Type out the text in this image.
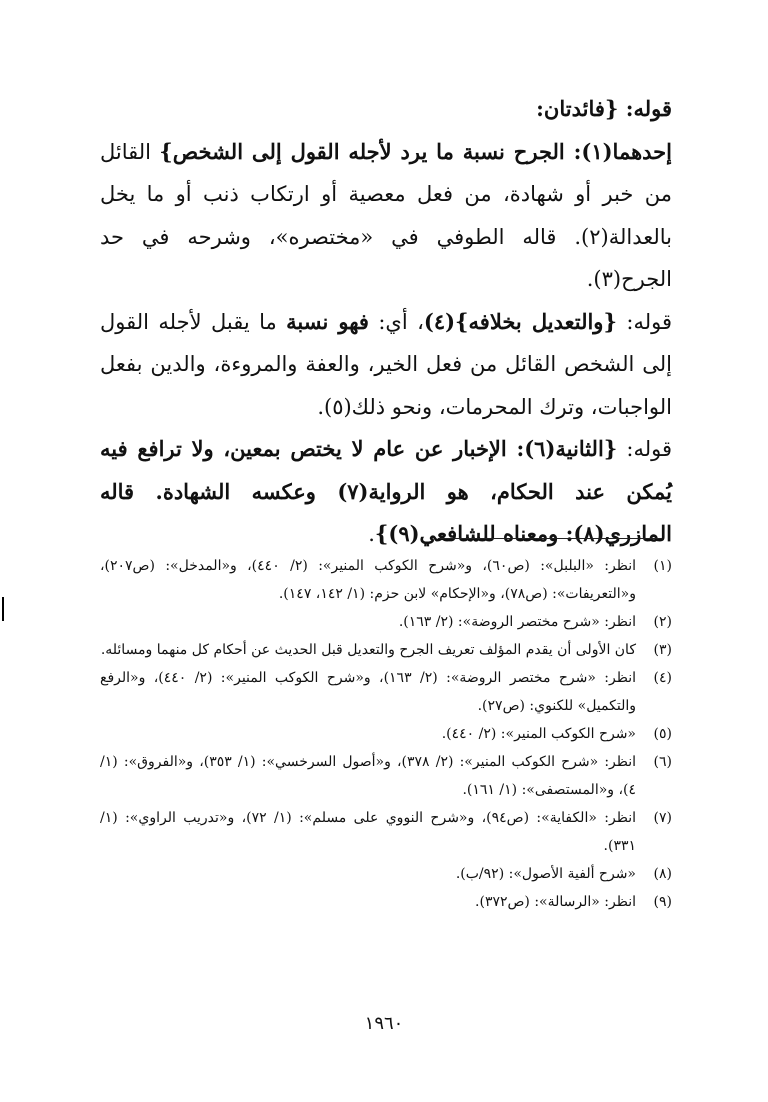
قوله: {فائدتان:

إحدهما(١): الجرح نسبة ما يرد لأجله القول إلى الشخص} القائل من خبر أو شهادة، من فعل معصية أو ارتكاب ذنب أو ما يخل بالعدالة(٢). قاله الطوفي في «مختصره»، وشرحه في حد الجرح(٣).

قوله: {والتعديل بخلافه}(٤)، أي: فهو نسبة ما يقبل لأجله القول إلى الشخص القائل من فعل الخير، والعفة والمروءة، والدين بفعل الواجبات، وترك المحرمات، ونحو ذلك(٥).

قوله: {الثانية(٦): الإخبار عن عام لا يختص بمعين، ولا ترافع فيه يُمكن عند الحكام، هو الرواية(٧) وعكسه الشهادة. قاله المازري(٨): ومعناه للشافعي(٩)}.

(١)
انظر: «البلبل»: (ص٦٠)، و«شرح الكوكب المنير»: (٢/ ٤٤٠)، و«المدخل»: (ص٢٠٧)، و«التعريفات»: (ص٧٨)، و«الإحكام» لابن حزم: (١/ ١٤٢، ١٤٧).
(٢)
انظر: «شرح مختصر الروضة»: (٢/ ١٦٣).
(٣)
كان الأولى أن يقدم المؤلف تعريف الجرح والتعديل قبل الحديث عن أحكام كل منهما ومسائله.
(٤)
انظر: «شرح مختصر الروضة»: (٢/ ١٦٣)، و«شرح الكوكب المنير»: (٢/ ٤٤٠)، و«الرفع والتكميل» للكنوي: (ص٢٧).
(٥)
«شرح الكوكب المنير»: (٢/ ٤٤٠).
(٦)
انظر: «شرح الكوكب المنير»: (٢/ ٣٧٨)، و«أصول السرخسي»: (١/ ٣٥٣)، و«الفروق»: (١/ ٤)، و«المستصفى»: (١/ ١٦١).
(٧)
انظر: «الكفاية»: (ص٩٤)، و«شرح النووي على مسلم»: (١/ ٧٢)، و«تدريب الراوي»: (١/ ٣٣١).
(٨)
«شرح ألفية الأصول»: (٩٢/ب).
(٩)
انظر: «الرسالة»: (ص٣٧٢).
١٩٦٠
